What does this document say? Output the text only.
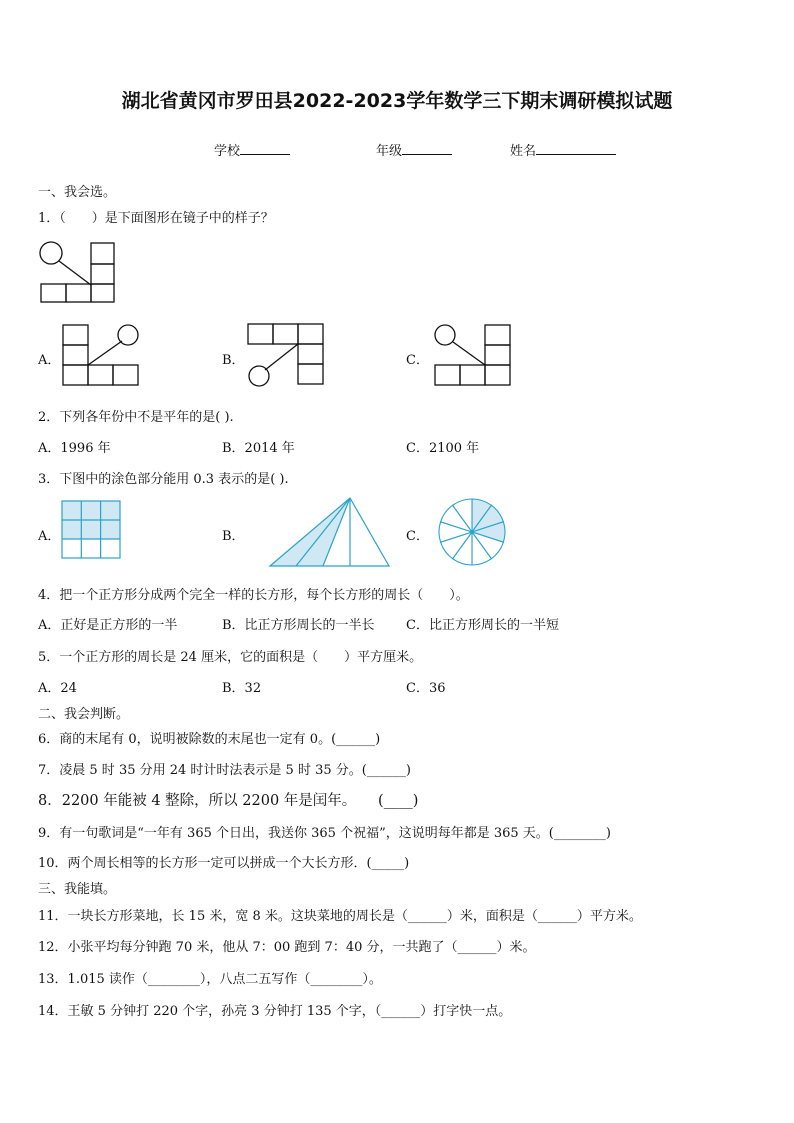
湖北省黄冈市罗田县2022-2023学年数学三下期末调研模拟试题
学校	年级	姓名
一、我会选。
1．（　　）是下面图形在镜子中的样子？
A．	B．	C．
2．下列各年份中不是平年的是( ).
A．1996 年	B．2014 年	C．2100 年
3．下图中的涂色部分能用 0.3 表示的是( ).
A．	B．	C．
4．把一个正方形分成两个完全一样的长方形，每个长方形的周长（　　）。
A．正好是正方形的一半	B．比正方形周长的一半长 C．比正方形周长的一半短
5．一个正方形的周长是 24 厘米，它的面积是（　　）平方厘米。
A．24	B．32	C．36
二、我会判断。
6．商的末尾有 0，说明被除数的末尾也一定有 0。(______)
7．凌晨 5 时 35 分用 24 时计时法表示是 5 时 35 分。(______)
8．2200 年能被 4 整除，所以 2200 年是闰年。　　(____)
9．有一句歌词是“一年有 365 个日出，我送你 365 个祝福”，这说明每年都是 365 天。(________)
10．两个周长相等的长方形一定可以拼成一个大长方形．(_____)
三、我能填。
11．一块长方形菜地，长 15 米，宽 8 米。这块菜地的周长是（______）米，面积是（______）平方米。
12．小张平均每分钟跑 70 米，他从 7：00 跑到 7：40 分，一共跑了（______）米。
13．1.015 读作（________），八点二五写作（________）。
14．王敏 5 分钟打 220 个字，孙亮 3 分钟打 135 个字，（______）打字快一点。
